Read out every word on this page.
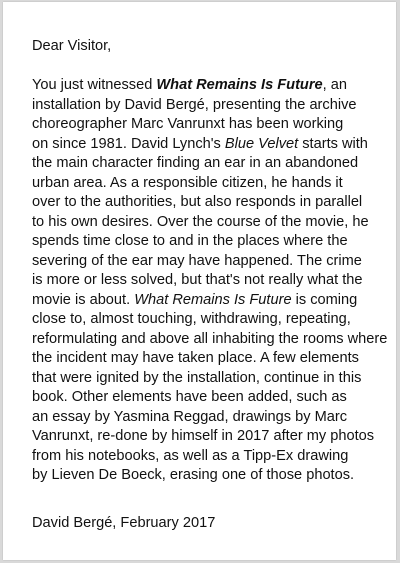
Dear Visitor,
You just witnessed What Remains Is Future, an
installation by David Bergé, presenting the archive
choreographer Marc Vanrunxt has been working
on since 1981. David Lynch's Blue Velvet starts with
the main character finding an ear in an abandoned
urban area. As a responsible citizen, he hands it
over to the authorities, but also responds in parallel
to his own desires. Over the course of the movie, he
spends time close to and in the places where the
severing of the ear may have happened. The crime
is more or less solved, but that's not really what the
movie is about. What Remains Is Future is coming
close to, almost touching, withdrawing, repeating,
reformulating and above all inhabiting the rooms where
the incident may have taken place. A few elements
that were ignited by the installation, continue in this
book. Other elements have been added, such as
an essay by Yasmina Reggad, drawings by Marc
Vanrunxt, re-done by himself in 2017 after my photos
from his notebooks, as well as a Tipp-Ex drawing
by Lieven De Boeck, erasing one of those photos.
David Bergé, February 2017
